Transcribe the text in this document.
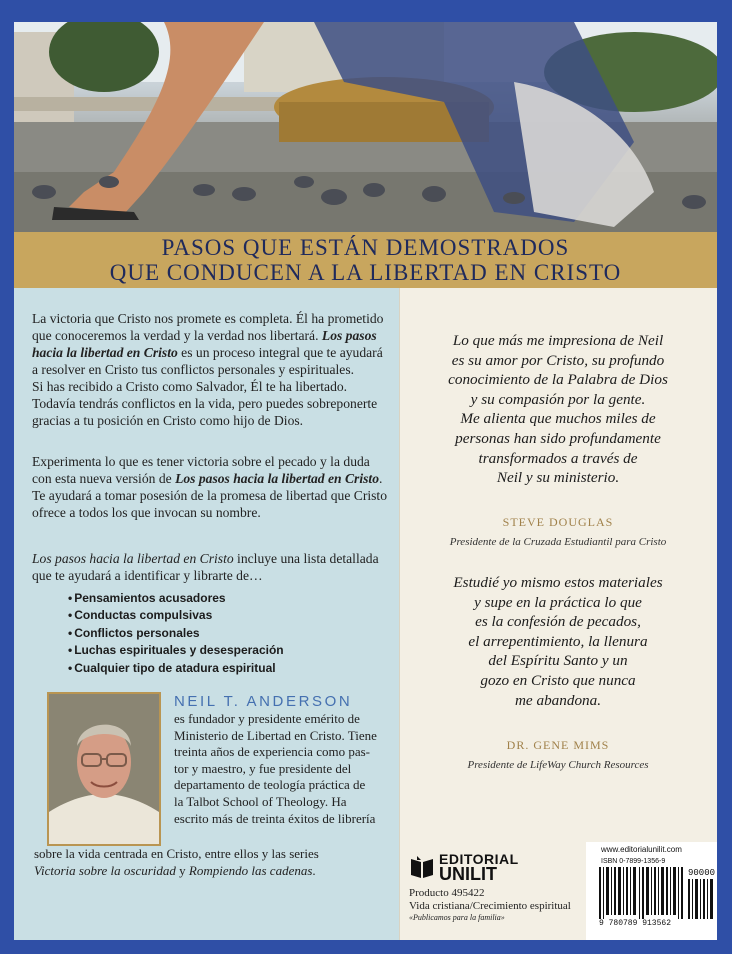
PASOS QUE ESTÁN DEMOSTRADOS
QUE CONDUCEN A LA LIBERTAD EN CRISTO

La victoria que Cristo nos promete es completa. Él ha prometido que conoceremos la verdad y la verdad nos libertará. Los pasos hacia la libertad en Cristo es un proceso integral que te ayudará a resolver en Cristo tus conflictos personales y espirituales.

Si has recibido a Cristo como Salvador, Él te ha libertado. Todavía tendrás conflictos en la vida, pero puedes sobreponerte gracias a tu posición en Cristo como hijo de Dios.

Experimenta lo que es tener victoria sobre el pecado y la duda con esta nueva versión de Los pasos hacia la libertad en Cristo. Te ayudará a tomar posesión de la promesa de libertad que Cristo ofrece a todos los que invocan su nombre.

Los pasos hacia la libertad en Cristo incluye una lista detallada que te ayudará a identificar y librarte de…

• Pensamientos acusadores
• Conductas compulsivas
• Conflictos personales
• Luchas espirituales y desesperación
• Cualquier tipo de atadura espiritual
NEIL T. ANDERSON
es fundador y presidente emérito de
Ministerio de Libertad en Cristo. Tiene
treinta años de experiencia como pas-
tor y maestro, y fue presidente del
departamento de teología práctica de
la Talbot School of Theology. Ha
escrito más de treinta éxitos de librería
sobre la vida centrada en Cristo, entre ellos y las series
Victoria sobre la oscuridad y Rompiendo las cadenas.
Lo que más me impresiona de Neil
es su amor por Cristo, su profundo
conocimiento de la Palabra de Dios
y su compasión por la gente.
Me alienta que muchos miles de
personas han sido profundamente
transformados a través de
Neil y su ministerio.
STEVE DOUGLAS
Presidente de la Cruzada Estudiantil para Cristo
Estudié yo mismo estos materiales
y supe en la práctica lo que
es la confesión de pecados,
el arrepentimiento, la llenura
del Espíritu Santo y un
gozo en Cristo que nunca
me abandona.
DR. GENE MIMS
Presidente de LifeWay Church Resources
EDITORIAL
UNILIT
Producto 495422
Vida cristiana/Crecimiento espiritual
«Publicamos para la familia»
www.editorialunilit.com
ISBN 0-7899-1356-9
90000
9 780789 913562
